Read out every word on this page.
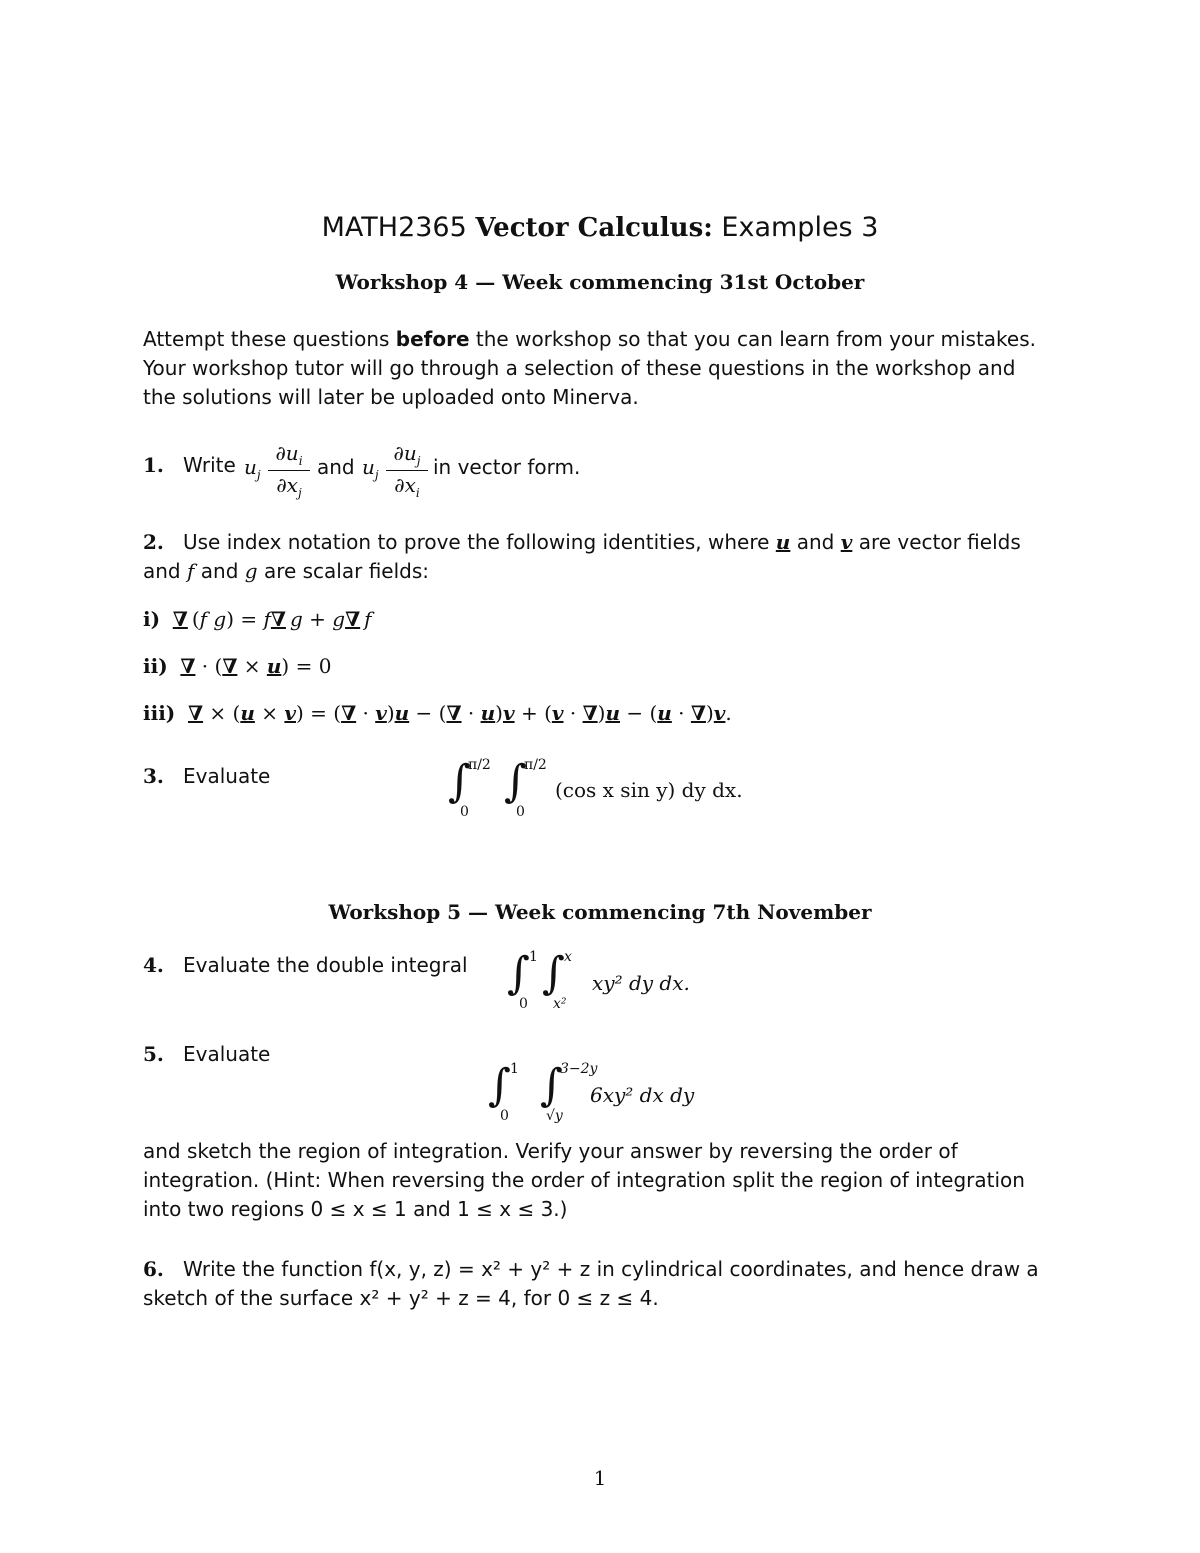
MATH2365 Vector Calculus: Examples 3
Workshop 4 — Week commencing 31st October
Attempt these questions before the workshop so that you can learn from your mistakes. Your workshop tutor will go through a selection of these questions in the workshop and the solutions will later be uploaded onto Minerva.
1. Write $u_j$
$\partial u_i$
$\partial x_j$
and $u_j$
$\partial u_j$
$\partial x_i$
in vector form.
2. Use index notation to prove the following identities, where u and v are vector fields and f and g are scalar fields:
i) ∇ (f g) = f∇  g + g∇  f
ii) ∇ · (∇ × u) = 0
iii) ∇ × (u × v) = (∇ · v)u − (∇ · u)v + (v · ∇)u − (u · ∇)v.
3. Evaluate	∫
π/2
0
∫
π/2
0
(cos x sin y) dy dx.
Workshop 5 — Week commencing 7th November
4. Evaluate the double integral ∫ 1
0
∫ x
x²
xy² dy dx.
5. Evaluate
∫ 1
0
∫
3−2y
√y
6xy² dx dy
and sketch the region of integration. Verify your answer by reversing the order of integration. (Hint: When reversing the order of integration split the region of integration into two regions 0 ≤ x ≤ 1 and 1 ≤ x ≤ 3.)
6. Write the function f(x, y, z) = x² + y² + z in cylindrical coordinates, and hence draw a sketch of the surface x² + y² + z = 4, for 0 ≤ z ≤ 4.
1
